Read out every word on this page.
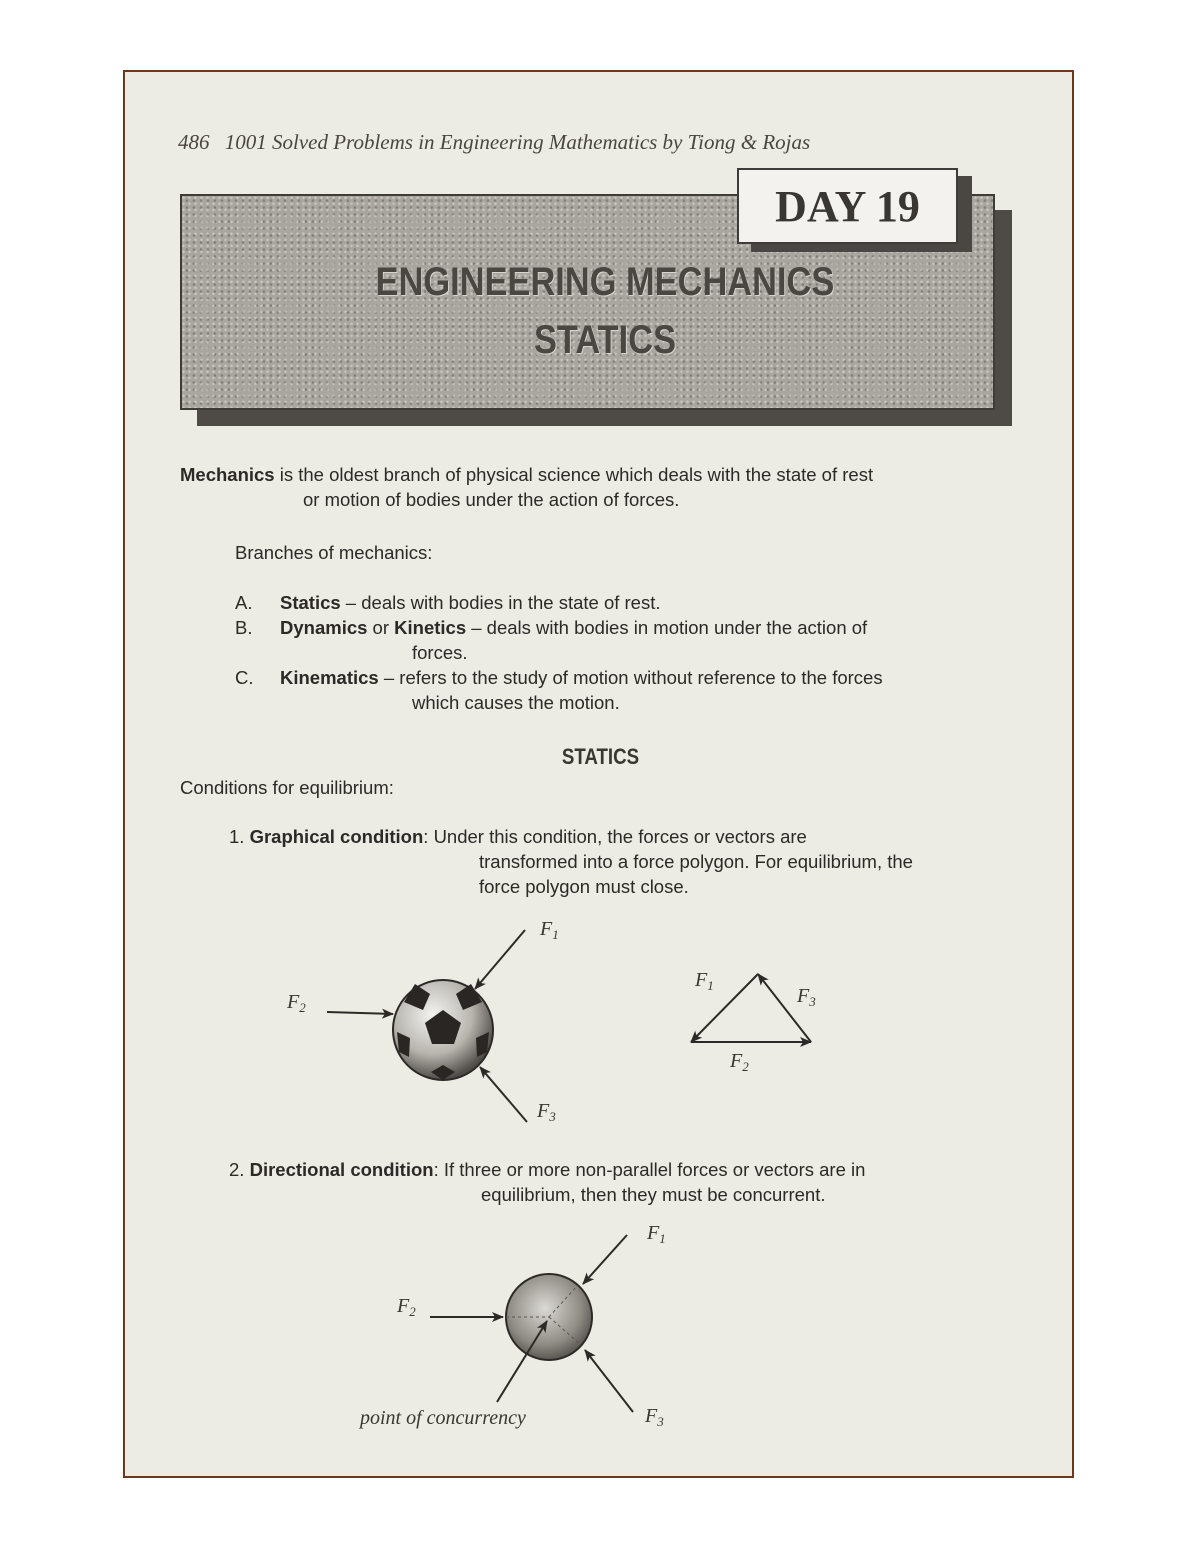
486 1001 Solved Problems in Engineering Mathematics by Tiong & Rojas
DAY 19
ENGINEERING MECHANICS
STATICS
Mechanics is the oldest branch of physical science which deals with the state of rest
or motion of bodies under the action of forces.
Branches of mechanics:
A. Statics – deals with bodies in the state of rest.
B. Dynamics or Kinetics – deals with bodies in motion under the action of
forces.
C. Kinematics – refers to the study of motion without reference to the forces
which causes the motion.
STATICS
Conditions for equilibrium:
1. Graphical condition: Under this condition, the forces or vectors are
transformed into a force polygon. For equilibrium, the
force polygon must close.
2. Directional condition: If three or more non-parallel forces or vectors are in
equilibrium, then they must be concurrent.
$F_1$
$F_2$
$F_3$
$F_1$	$F_3$
$F_2$
$F_1$
$F_2$
$F_3$
point of concurrency
